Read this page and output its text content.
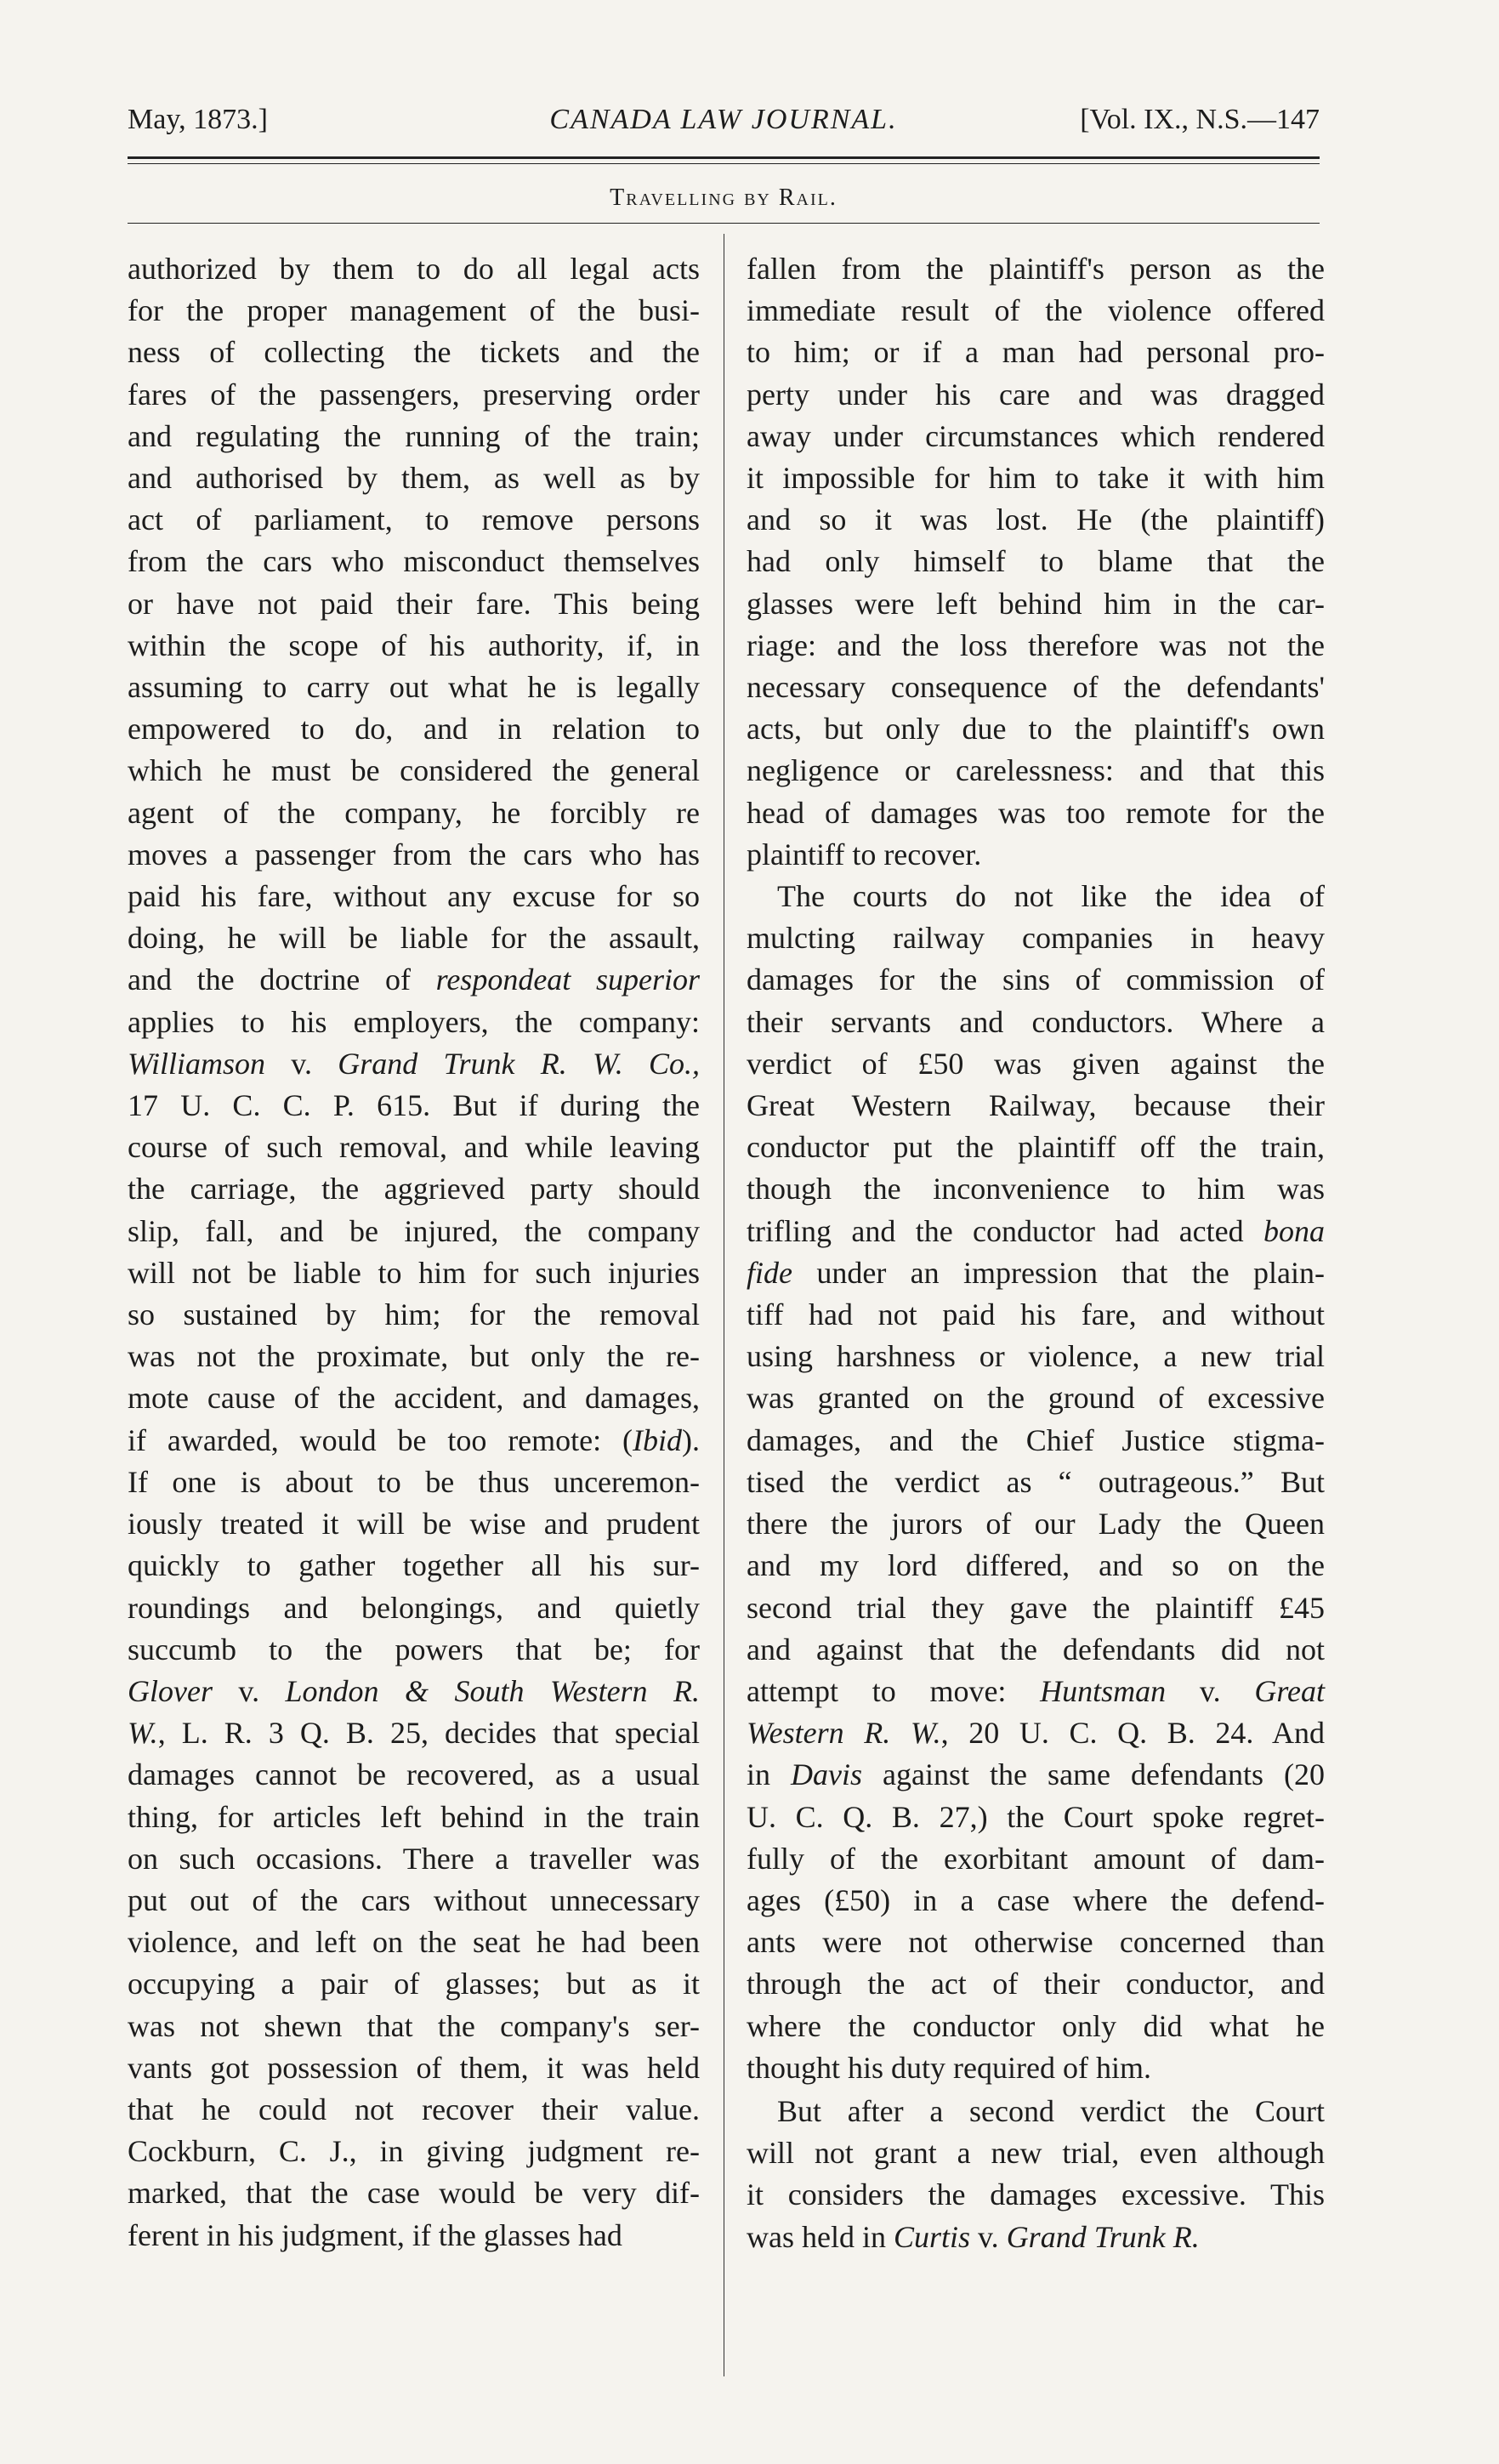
May, 1873.]	CANADA LAW JOURNAL.	[Vol. IX., N.S.—147
Travelling by Rail.
authorized by them to do all legal acts
for the proper management of the busi-
ness of collecting the tickets and the
fares of the passengers, preserving order
and regulating the running of the train;
and authorised by them, as well as by
act of parliament, to remove persons
from the cars who misconduct themselves
or have not paid their fare. This being
within the scope of his authority, if, in
assuming to carry out what he is legally
empowered to do, and in relation to
which he must be considered the general
agent of the company, he forcibly re
moves a passenger from the cars who has
paid his fare, without any excuse for so
doing, he will be liable for the assault,
and the doctrine of respondeat superior
applies to his employers, the company:
Williamson v. Grand Trunk R. W. Co.,
17 U. C. C. P. 615. But if during the
course of such removal, and while leaving
the carriage, the aggrieved party should
slip, fall, and be injured, the company
will not be liable to him for such injuries
so sustained by him; for the removal
was not the proximate, but only the re-
mote cause of the accident, and damages,
if awarded, would be too remote: (Ibid).
If one is about to be thus unceremon-
iously treated it will be wise and prudent
quickly to gather together all his sur-
roundings and belongings, and quietly
succumb to the powers that be; for
Glover v. London & South Western R.
W., L. R. 3 Q. B. 25, decides that special
damages cannot be recovered, as a usual
thing, for articles left behind in the train
on such occasions. There a traveller was
put out of the cars without unnecessary
violence, and left on the seat he had been
occupying a pair of glasses; but as it
was not shewn that the company's ser-
vants got possession of them, it was held
that he could not recover their value.
Cockburn, C. J., in giving judgment re-
marked, that the case would be very dif-
ferent in his judgment, if the glasses had
fallen from the plaintiff's person as the
immediate result of the violence offered
to him; or if a man had personal pro-
perty under his care and was dragged
away under circumstances which rendered
it impossible for him to take it with him
and so it was lost. He (the plaintiff)
had only himself to blame that the
glasses were left behind him in the car-
riage: and the loss therefore was not the
necessary consequence of the defendants'
acts, but only due to the plaintiff's own
negligence or carelessness: and that this
head of damages was too remote for the
plaintiff to recover.
The courts do not like the idea of
mulcting railway companies in heavy
damages for the sins of commission of
their servants and conductors. Where a
verdict of £50 was given against the
Great Western Railway, because their
conductor put the plaintiff off the train,
though the inconvenience to him was
trifling and the conductor had acted bona
fide under an impression that the plain-
tiff had not paid his fare, and without
using harshness or violence, a new trial
was granted on the ground of excessive
damages, and the Chief Justice stigma-
tised the verdict as “ outrageous.” But
there the jurors of our Lady the Queen
and my lord differed, and so on the
second trial they gave the plaintiff £45
and against that the defendants did not
attempt to move: Huntsman v. Great
Western R. W., 20 U. C. Q. B. 24. And
in Davis against the same defendants (20
U. C. Q. B. 27,) the Court spoke regret-
fully of the exorbitant amount of dam-
ages (£50) in a case where the defend-
ants were not otherwise concerned than
through the act of their conductor, and
where the conductor only did what he
thought his duty required of him.
But after a second verdict the Court
will not grant a new trial, even although
it considers the damages excessive. This
was held in Curtis v. Grand Trunk R.
